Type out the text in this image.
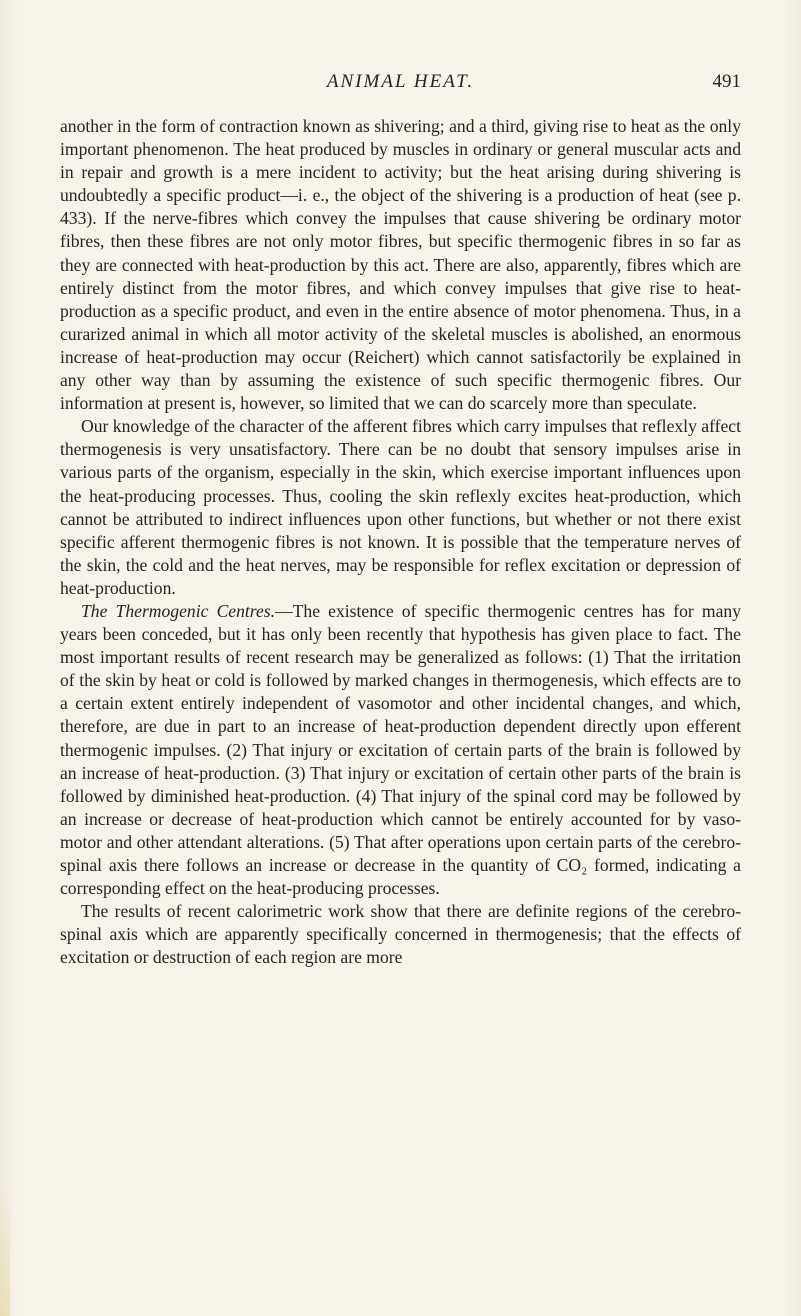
ANIMAL HEAT.	491

another in the form of contraction known as shivering; and a third, giving rise to heat as the only important phenomenon. The heat produced by muscles in ordinary or general muscular acts and in repair and growth is a mere incident to activity; but the heat arising during shivering is undoubtedly a specific product—i. e., the object of the shivering is a production of heat (see p. 433). If the nerve-fibres which convey the impulses that cause shivering be ordinary motor fibres, then these fibres are not only motor fibres, but specific thermogenic fibres in so far as they are connected with heat-production by this act. There are also, apparently, fibres which are entirely distinct from the motor fibres, and which convey impulses that give rise to heat-production as a specific product, and even in the entire absence of motor phenomena. Thus, in a curarized animal in which all motor activity of the skeletal muscles is abolished, an enormous increase of heat-production may occur (Reichert) which cannot satisfactorily be explained in any other way than by assuming the existence of such specific thermogenic fibres. Our information at present is, however, so limited that we can do scarcely more than speculate.

Our knowledge of the character of the afferent fibres which carry impulses that reflexly affect thermogenesis is very unsatisfactory. There can be no doubt that sensory impulses arise in various parts of the organism, especially in the skin, which exercise important influences upon the heat-producing processes. Thus, cooling the skin reflexly excites heat-production, which cannot be attributed to indirect influences upon other functions, but whether or not there exist specific afferent thermogenic fibres is not known. It is possible that the temperature nerves of the skin, the cold and the heat nerves, may be responsible for reflex excitation or depression of heat-production.

The Thermogenic Centres.—The existence of specific thermogenic centres has for many years been conceded, but it has only been recently that hypothesis has given place to fact. The most important results of recent research may be generalized as follows: (1) That the irritation of the skin by heat or cold is followed by marked changes in thermogenesis, which effects are to a certain extent entirely independent of vasomotor and other incidental changes, and which, therefore, are due in part to an increase of heat-production dependent directly upon efferent thermogenic impulses. (2) That injury or excitation of certain parts of the brain is followed by an increase of heat-production. (3) That injury or excitation of certain other parts of the brain is followed by diminished heat-production. (4) That injury of the spinal cord may be followed by an increase or decrease of heat-production which cannot be entirely accounted for by vaso-motor and other attendant alterations. (5) That after operations upon certain parts of the cerebro-spinal axis there follows an increase or decrease in the quantity of CO₂ formed, indicating a corresponding effect on the heat-producing processes.

The results of recent calorimetric work show that there are definite regions of the cerebro-spinal axis which are apparently specifically concerned in thermogenesis; that the effects of excitation or destruction of each region are more
